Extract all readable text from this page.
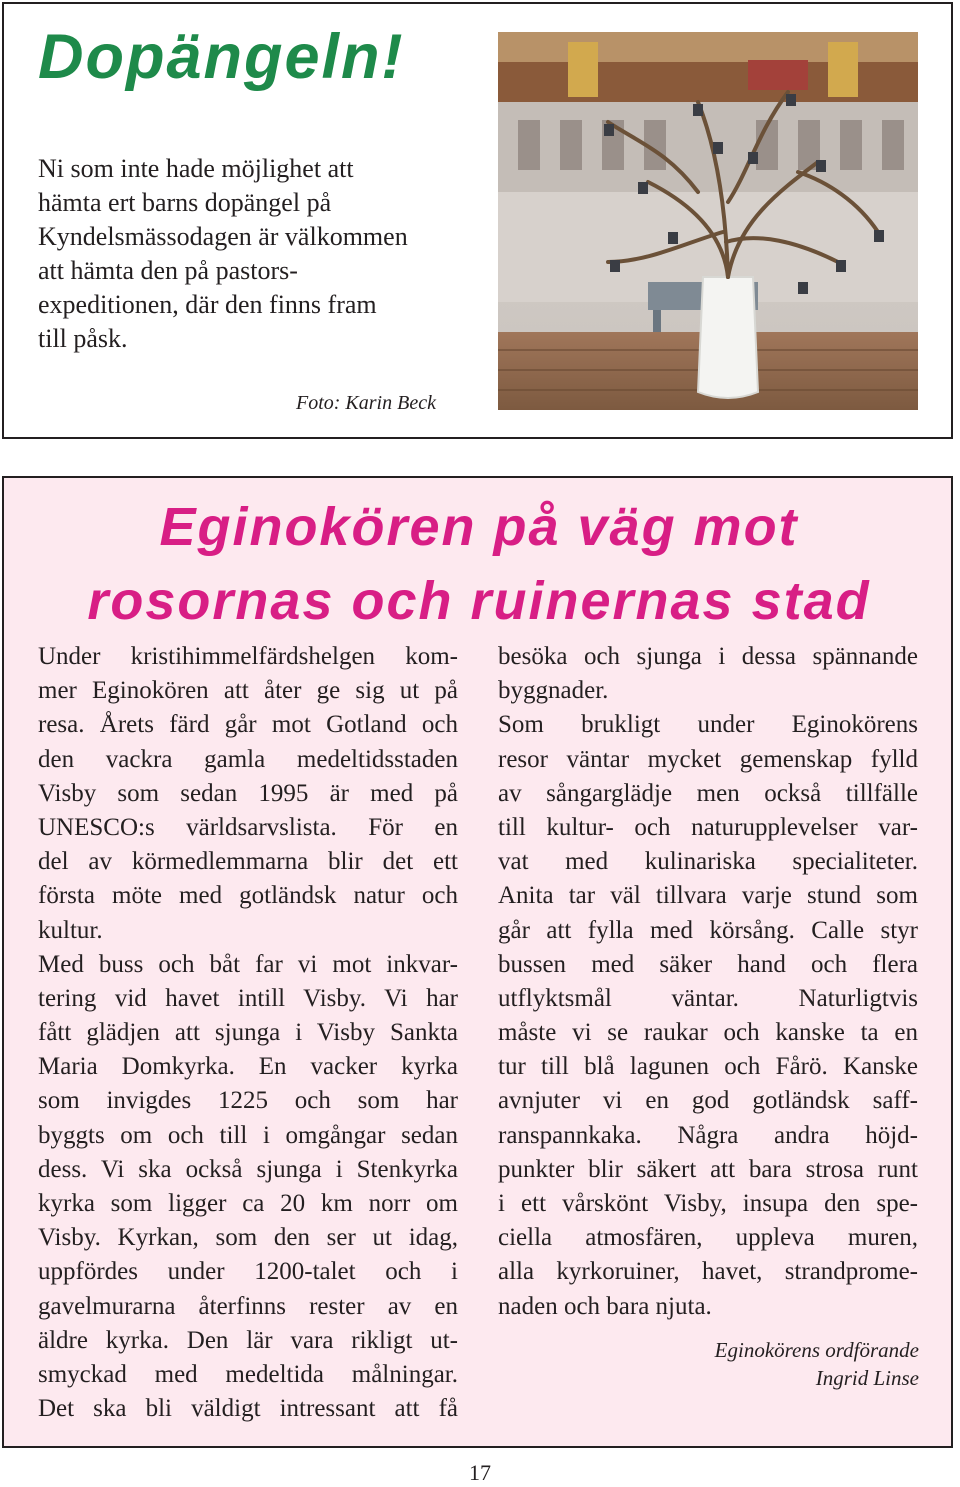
Dopängeln!
Ni som inte hade möjlighet att
hämta ert barns dopängel på
Kyndelsmässodagen är välkommen
att hämta den på pastors-
expeditionen, där den finns fram
till påsk.
Foto: Karin Beck
Eginokören på väg mot
rosornas och ruinernas stad
Under kristihimmelfärdshelgen kom-
mer Eginokören att åter ge sig ut på
resa. Årets färd går mot Gotland och
den vackra gamla medeltidsstaden
Visby som sedan 1995 är med på
UNESCO:s världsarvslista. För en
del av körmedlemmarna blir det ett
första möte med gotländsk natur och
kultur.
Med buss och båt far vi mot inkvar-
tering vid havet intill Visby. Vi har
fått glädjen att sjunga i Visby Sankta
Maria Domkyrka. En vacker kyrka
som invigdes 1225 och som har
byggts om och till i omgångar sedan
dess. Vi ska också sjunga i Stenkyrka
kyrka som ligger ca 20 km norr om
Visby. Kyrkan, som den ser ut idag,
uppfördes under 1200-talet och i
gavelmurarna återfinns rester av en
äldre kyrka. Den lär vara rikligt ut-
smyckad med medeltida målningar.
Det ska bli väldigt intressant att få
besöka och sjunga i dessa spännande
byggnader.
Som brukligt under Eginokörens
resor väntar mycket gemenskap fylld
av sångarglädje men också tillfälle
till kultur- och naturupplevelser var-
vat med kulinariska specialiteter.
Anita tar väl tillvara varje stund som
går att fylla med körsång. Calle styr
bussen med säker hand och flera
utflyktsmål väntar. Naturligtvis
måste vi se raukar och kanske ta en
tur till blå lagunen och Fårö. Kanske
avnjuter vi en god gotländsk saff-
ranspannkaka. Några andra höjd-
punkter blir säkert att bara strosa runt
i ett vårskönt Visby, insupa den spe-
ciella atmosfären, uppleva muren,
alla kyrkoruiner, havet, strandprome-
naden och bara njuta.
Eginokörens ordförande
Ingrid Linse
17
